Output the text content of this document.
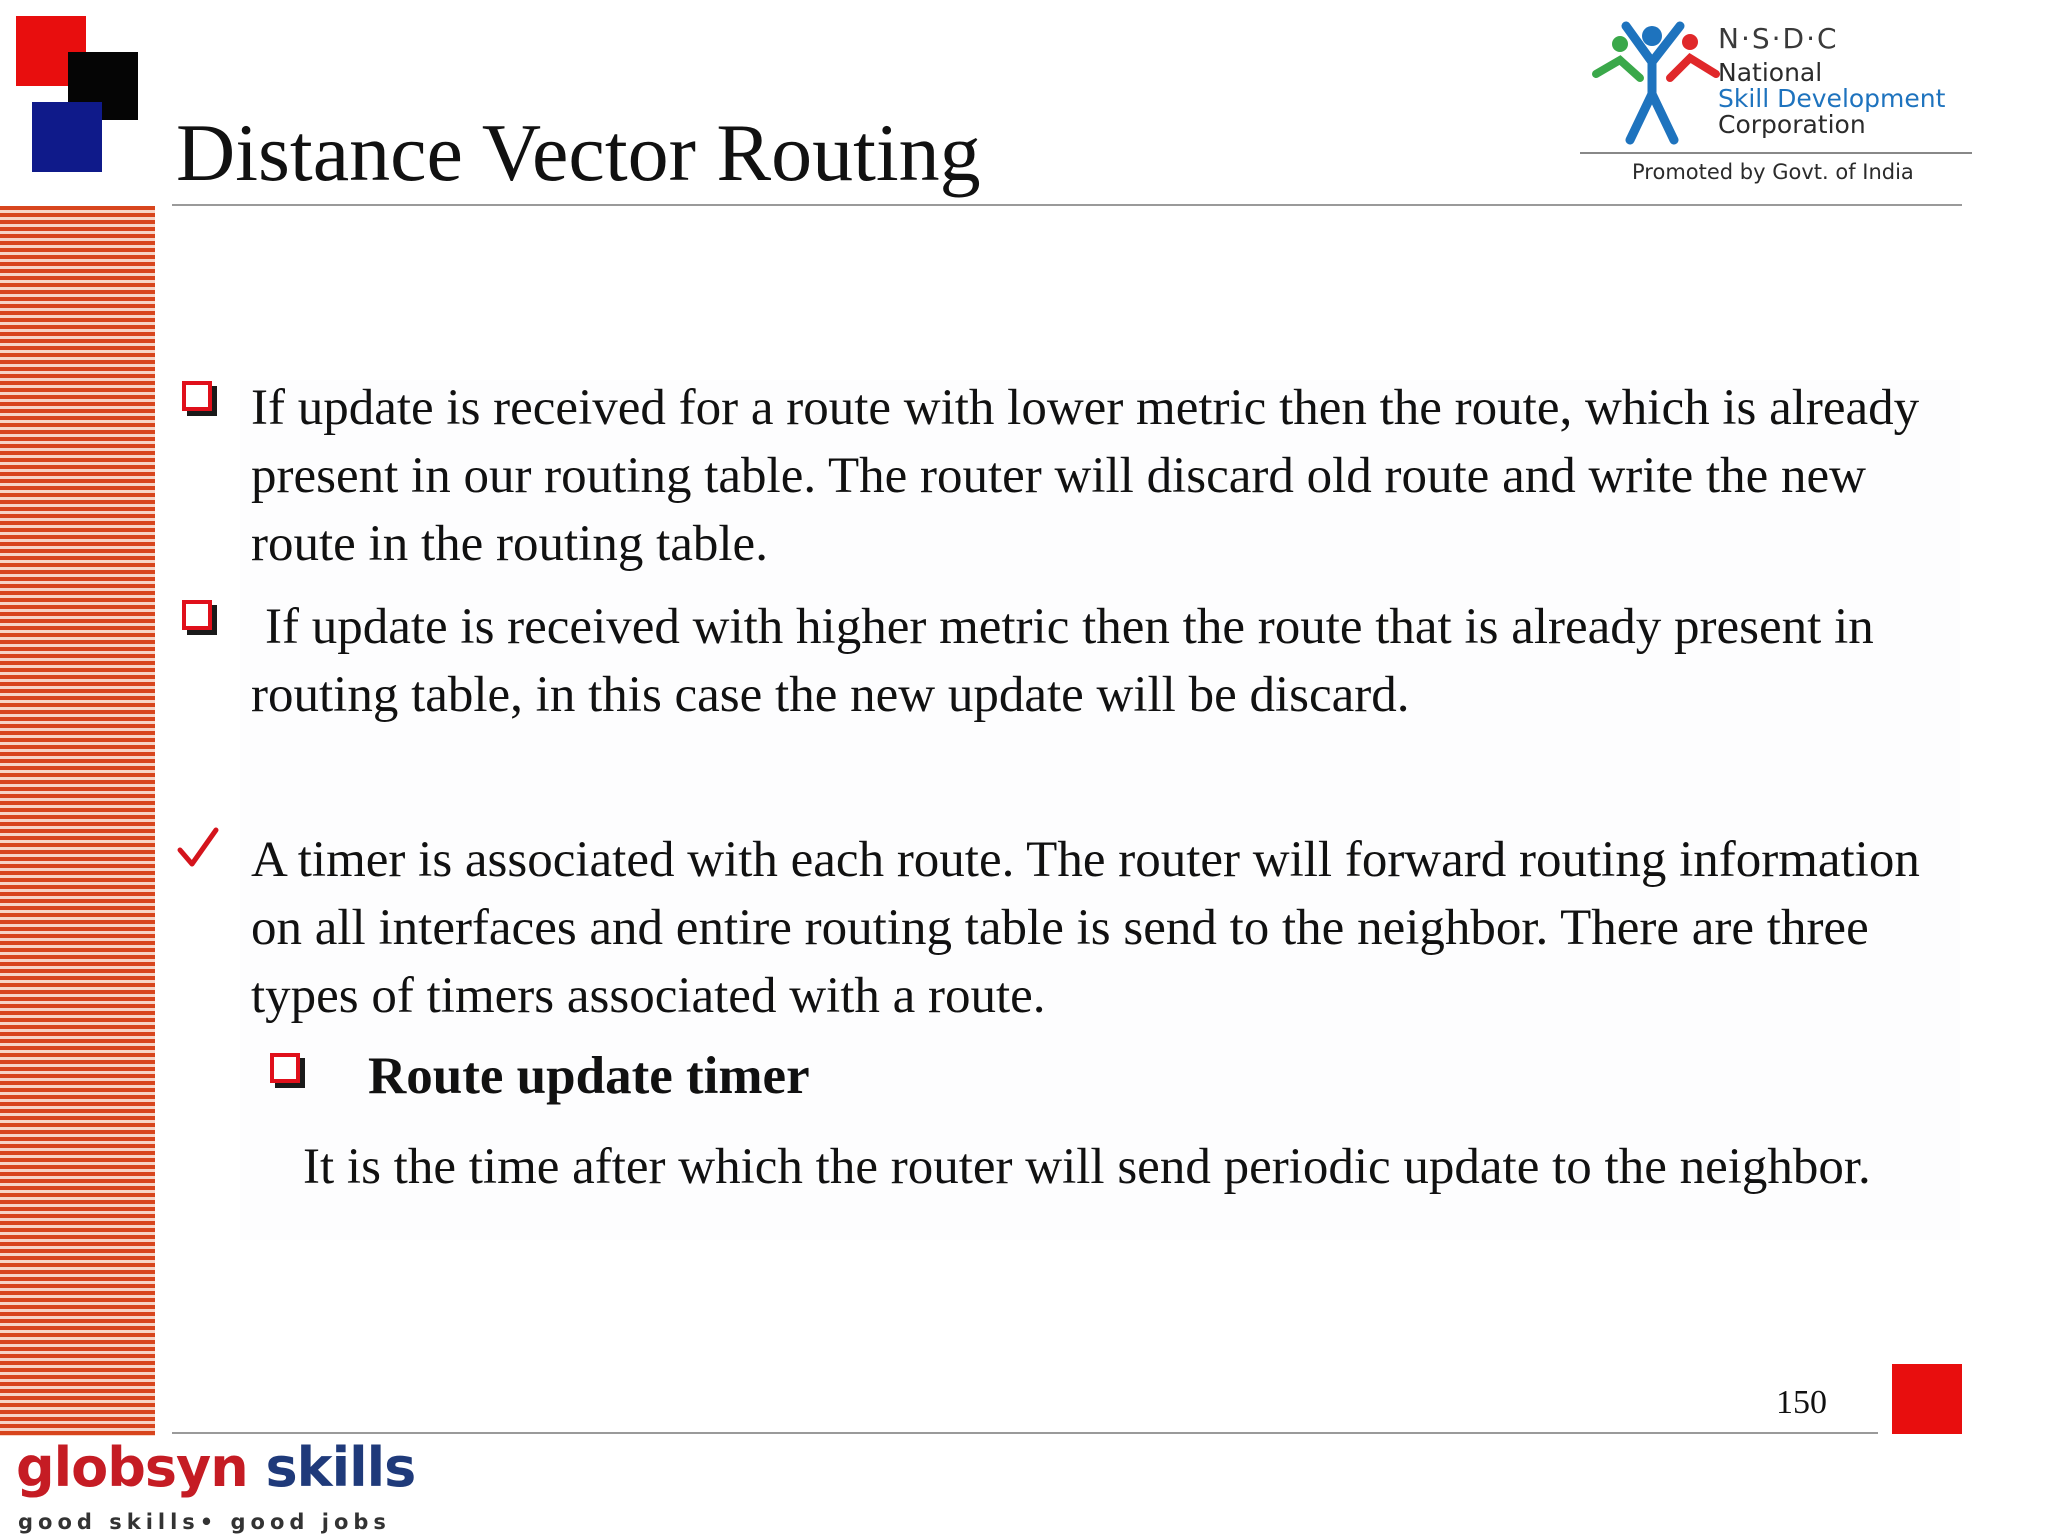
Distance Vector Routing
N·S·D·C
National
Skill Development
Corporation
Promoted by Govt. of India

If update is received for a route with lower metric then the route, which is already present in our routing table. The router will discard old route and write the new route in the routing table.

If update is received with higher metric then the route that is already present in routing table, in this case the new update will be discard.

A timer is associated with each route. The router will forward routing information on all interfaces and entire routing table is send to the neighbor. There are three types of timers associated with a route.

Route update timer

It is the time after which the router will send periodic update to the neighbor.

150
globsyn skills
good skills• good jobs
